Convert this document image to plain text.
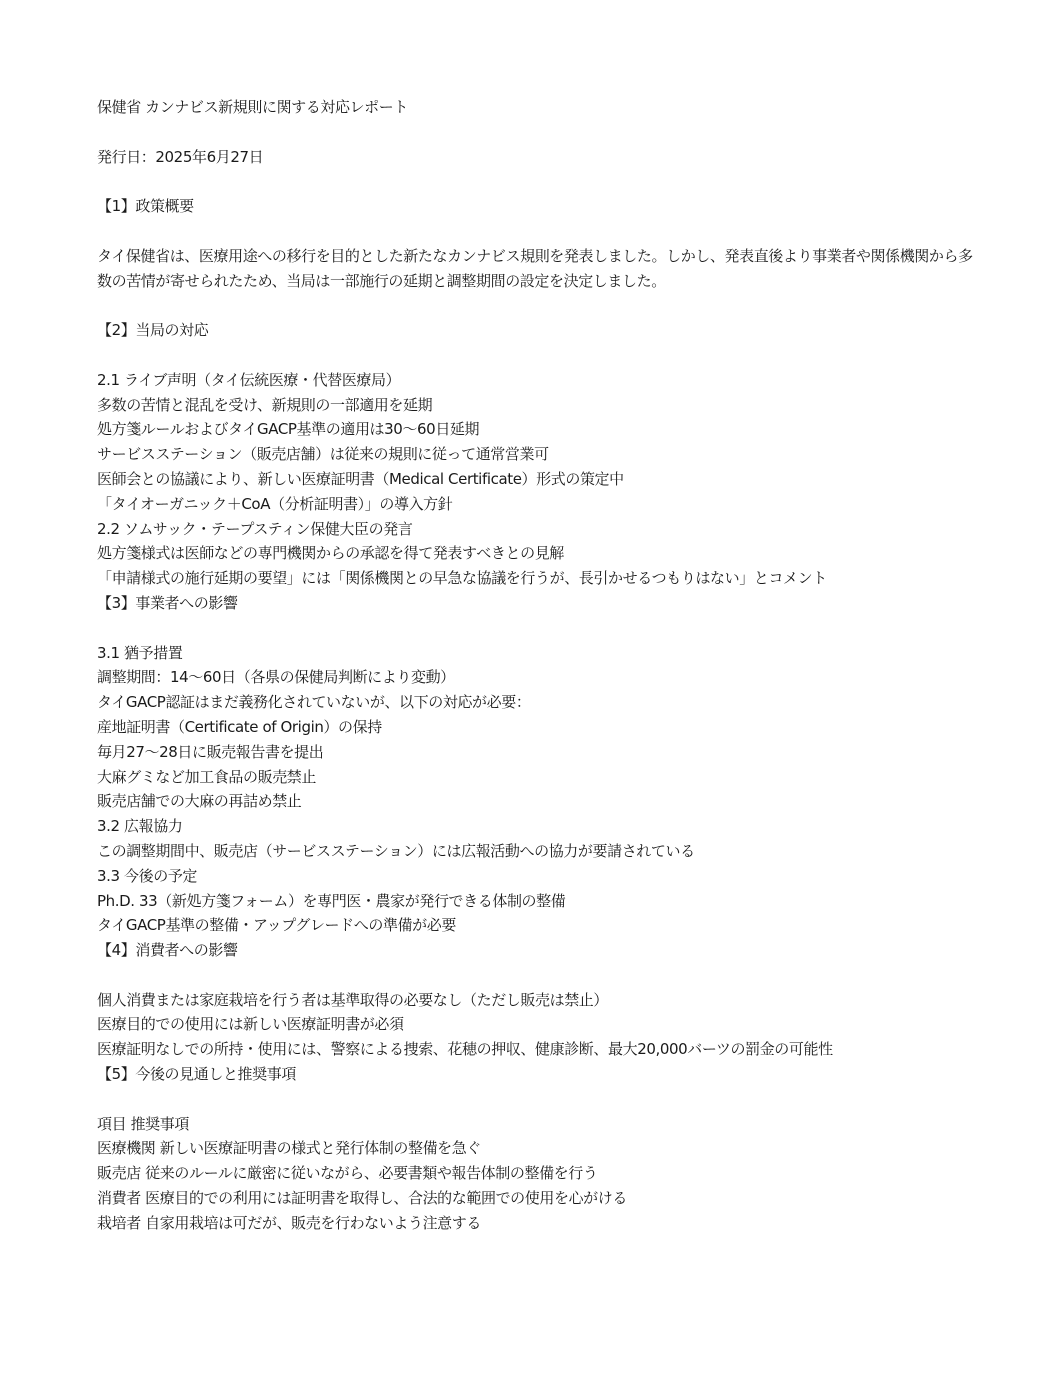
保健省 カンナビス新規則に関する対応レポート
発行日：2025年6月27日
【1】政策概要
タイ保健省は、医療用途への移行を目的とした新たなカンナビス規則を発表しました。しかし、発表直後より事業者や関係機関から多数の苦情が寄せられたため、当局は一部施行の延期と調整期間の設定を決定しました。
【2】当局の対応
2.1 ライブ声明（タイ伝統医療・代替医療局）
多数の苦情と混乱を受け、新規則の一部適用を延期
処方箋ルールおよびタイGACP基準の適用は30〜60日延期
サービスステーション（販売店舗）は従来の規則に従って通常営業可
医師会との協議により、新しい医療証明書（Medical Certificate）形式の策定中
「タイオーガニック＋CoA（分析証明書）」の導入方針
2.2 ソムサック・テープスティン保健大臣の発言
処方箋様式は医師などの専門機関からの承認を得て発表すべきとの見解
「申請様式の施行延期の要望」には「関係機関との早急な協議を行うが、長引かせるつもりはない」とコメント
【3】事業者への影響
3.1 猶予措置
調整期間：14〜60日（各県の保健局判断により変動）
タイGACP認証はまだ義務化されていないが、以下の対応が必要：
産地証明書（Certificate of Origin）の保持
毎月27〜28日に販売報告書を提出
大麻グミなど加工食品の販売禁止
販売店舗での大麻の再詰め禁止
3.2 広報協力
この調整期間中、販売店（サービスステーション）には広報活動への協力が要請されている
3.3 今後の予定
Ph.D. 33（新処方箋フォーム）を専門医・農家が発行できる体制の整備
タイGACP基準の整備・アップグレードへの準備が必要
【4】消費者への影響
個人消費または家庭栽培を行う者は基準取得の必要なし（ただし販売は禁止）
医療目的での使用には新しい医療証明書が必須
医療証明なしでの所持・使用には、警察による捜索、花穂の押収、健康診断、最大20,000バーツの罰金の可能性
【5】今後の見通しと推奨事項
項目 推奨事項
医療機関 新しい医療証明書の様式と発行体制の整備を急ぐ
販売店 従来のルールに厳密に従いながら、必要書類や報告体制の整備を行う
消費者 医療目的での利用には証明書を取得し、合法的な範囲での使用を心がける
栽培者 自家用栽培は可だが、販売を行わないよう注意する
